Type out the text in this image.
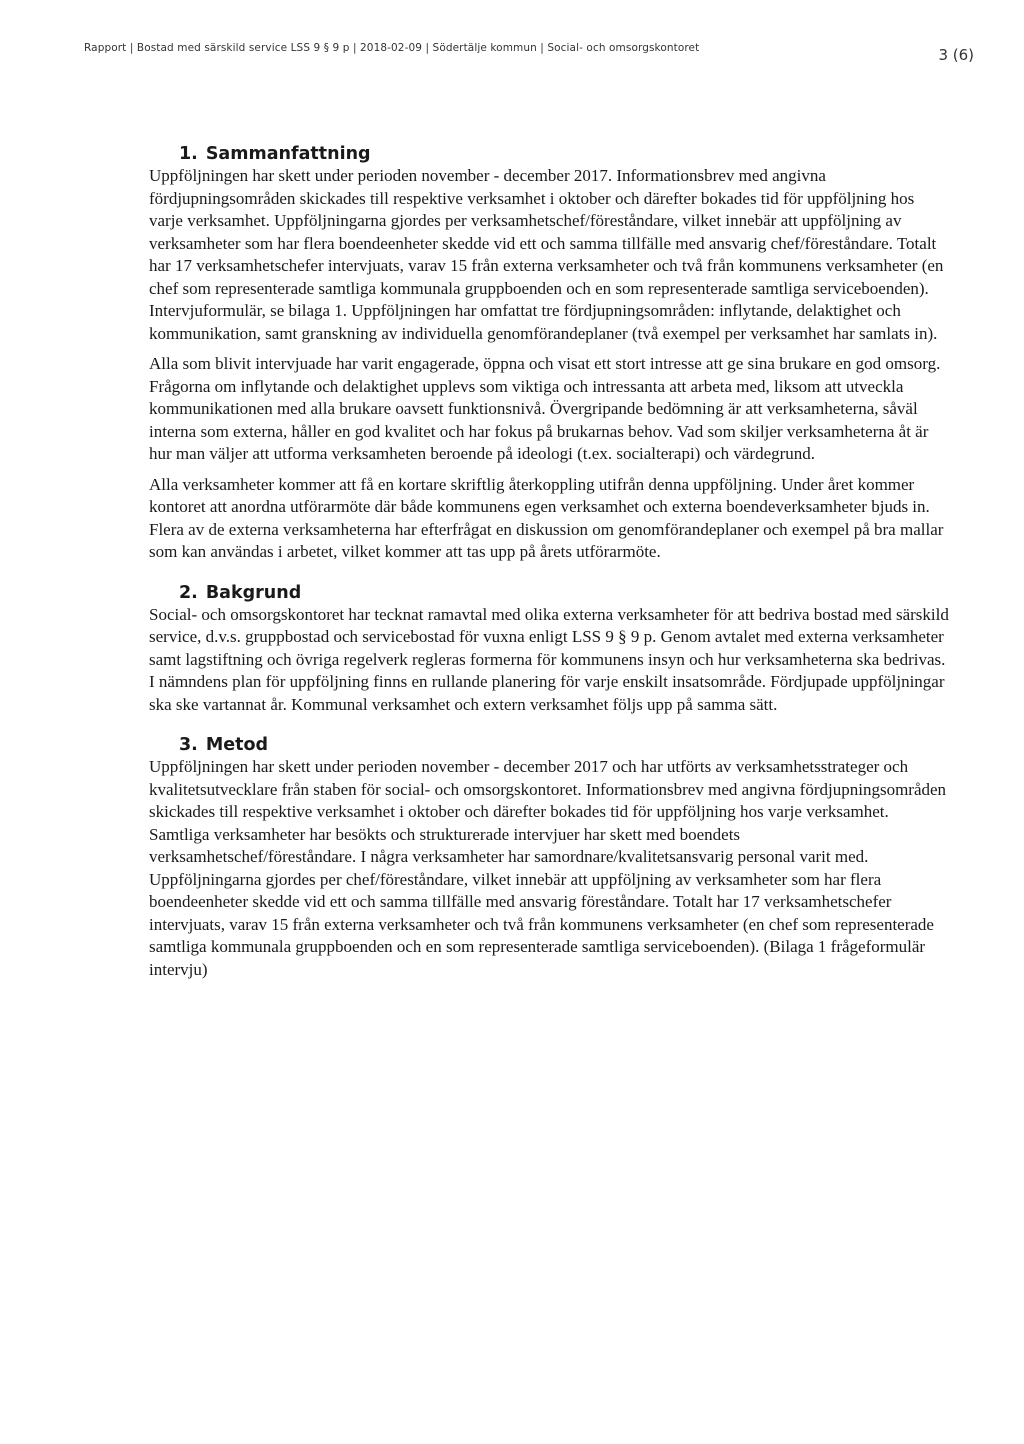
Rapport | Bostad med särskild service LSS 9 § 9 p | 2018-02-09 | Södertälje kommun | Social- och omsorgskontoret	3 (6)
1. Sammanfattning

Uppföljningen har skett under perioden november - december 2017. Informationsbrev med angivna fördjupningsområden skickades till respektive verksamhet i oktober och därefter bokades tid för uppföljning hos varje verksamhet. Uppföljningarna gjordes per verksamhetschef/föreståndare, vilket innebär att uppföljning av verksamheter som har flera boendeenheter skedde vid ett och samma tillfälle med ansvarig chef/föreståndare. Totalt har 17 verksamhetschefer intervjuats, varav 15 från externa verksamheter och två från kommunens verksamheter (en chef som representerade samtliga kommunala gruppboenden och en som representerade samtliga serviceboenden). Intervjuformulär, se bilaga 1. Uppföljningen har omfattat tre fördjupningsområden: inflytande, delaktighet och kommunikation, samt granskning av individuella genomförandeplaner (två exempel per verksamhet har samlats in).

Alla som blivit intervjuade har varit engagerade, öppna och visat ett stort intresse att ge sina brukare en god omsorg. Frågorna om inflytande och delaktighet upplevs som viktiga och intressanta att arbeta med, liksom att utveckla kommunikationen med alla brukare oavsett funktionsnivå. Övergripande bedömning är att verksamheterna, såväl interna som externa, håller en god kvalitet och har fokus på brukarnas behov. Vad som skiljer verksamheterna åt är hur man väljer att utforma verksamheten beroende på ideologi (t.ex. socialterapi) och värdegrund.

Alla verksamheter kommer att få en kortare skriftlig återkoppling utifrån denna uppföljning. Under året kommer kontoret att anordna utförarmöte där både kommunens egen verksamhet och externa boendeverksamheter bjuds in. Flera av de externa verksamheterna har efterfrågat en diskussion om genomförandeplaner och exempel på bra mallar som kan användas i arbetet, vilket kommer att tas upp på årets utförarmöte.

2. Bakgrund

Social- och omsorgskontoret har tecknat ramavtal med olika externa verksamheter för att bedriva bostad med särskild service, d.v.s. gruppbostad och servicebostad för vuxna enligt LSS 9 § 9 p. Genom avtalet med externa verksamheter samt lagstiftning och övriga regelverk regleras formerna för kommunens insyn och hur verksamheterna ska bedrivas. I nämndens plan för uppföljning finns en rullande planering för varje enskilt insatsområde. Fördjupade uppföljningar ska ske vartannat år. Kommunal verksamhet och extern verksamhet följs upp på samma sätt.

3. Metod

Uppföljningen har skett under perioden november - december 2017 och har utförts av verksamhetsstrateger och kvalitetsutvecklare från staben för social- och omsorgskontoret. Informationsbrev med angivna fördjupningsområden skickades till respektive verksamhet i oktober och därefter bokades tid för uppföljning hos varje verksamhet. Samtliga verksamheter har besökts och strukturerade intervjuer har skett med boendets verksamhetschef/föreståndare. I några verksamheter har samordnare/kvalitetsansvarig personal varit med. Uppföljningarna gjordes per chef/föreståndare, vilket innebär att uppföljning av verksamheter som har flera boendeenheter skedde vid ett och samma tillfälle med ansvarig föreståndare. Totalt har 17 verksamhetschefer intervjuats, varav 15 från externa verksamheter och två från kommunens verksamheter (en chef som representerade samtliga kommunala gruppboenden och en som representerade samtliga serviceboenden). (Bilaga 1 frågeformulär intervju)
